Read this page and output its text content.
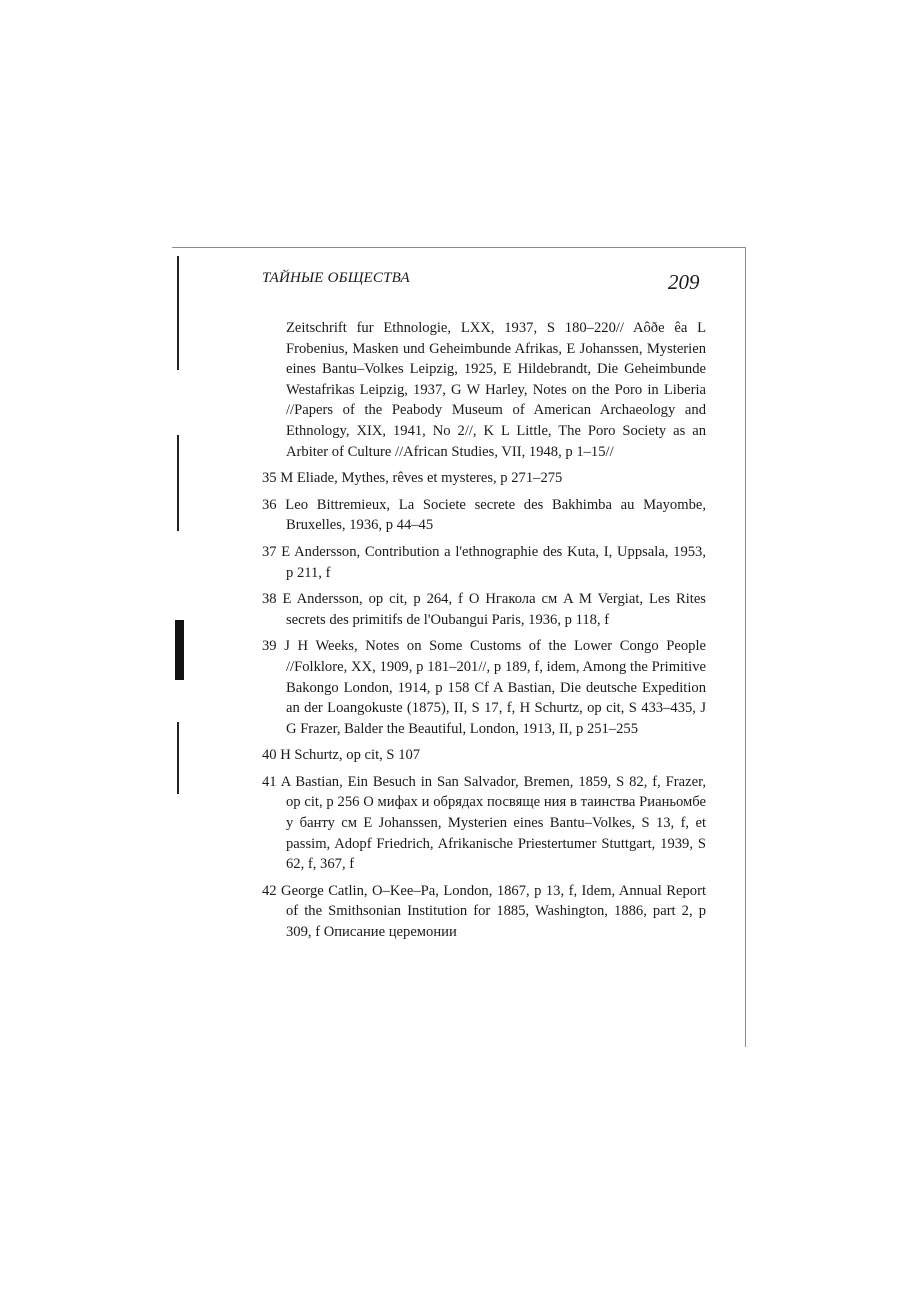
ТАЙНЫЕ ОБЩЕСТВА	209

Zeitschrift fur Ethnologie, LXX, 1937, S 180–220// Aôðe êa L Frobenius, Masken und Geheimbunde Afrikas, E Johanssen, Mysterien eines Bantu–Volkes Leipzig, 1925, E Hildebrandt, Die Geheimbunde Westafrikas Leipzig, 1937, G W Harley, Notes on the Poro in Liberia //Papers of the Peabody Museum of American Archaeology and Ethnology, XIX, 1941, No 2//, K L Little, The Poro Society as an Arbiter of Culture //African Studies, VII, 1948, p 1–15//

35 M Eliade, Mythes, rêves et mysteres, p 271–275

36 Leo Bittremieux, La Societe secrete des Bakhimba au Mayombe, Bruxelles, 1936, p 44–45

37 E Andersson, Contribution a l'ethnographie des Kuta, I, Uppsala, 1953, p 211, f

38 E Andersson, op cit, p 264, f О Нгакола см A M Vergiat, Les Rites secrets des primitifs de l'Oubangui Paris, 1936, p 118, f

39 J H Weeks, Notes on Some Customs of the Lower Congo People //Folklore, XX, 1909, p 181–201//, p 189, f, idem, Among the Primitive Bakongo London, 1914, p 158 Cf A Bastian, Die deutsche Expedition an der Loangokuste (1875), II, S 17, f, H Schurtz, op cit, S 433–435, J G Frazer, Balder the Beautiful, London, 1913, II, p 251–255

40 H Schurtz, op cit, S 107

41 A Bastian, Ein Besuch in San Salvador, Bremen, 1859, S 82, f, Frazer, op cit, p 256 О мифах и обрядах посвяще ния в таинства Рианьомбе у банту см E Johanssen, Mysterien eines Bantu–Volkes, S 13, f, et passim, Adopf Friedrich, Afrikanische Priestertumer Stuttgart, 1939, S 62, f, 367, f

42 George Catlin, O–Kee–Pa, London, 1867, p 13, f, Idem, Annual Report of the Smithsonian Institution for 1885, Washington, 1886, part 2, p 309, f Описание церемонии
